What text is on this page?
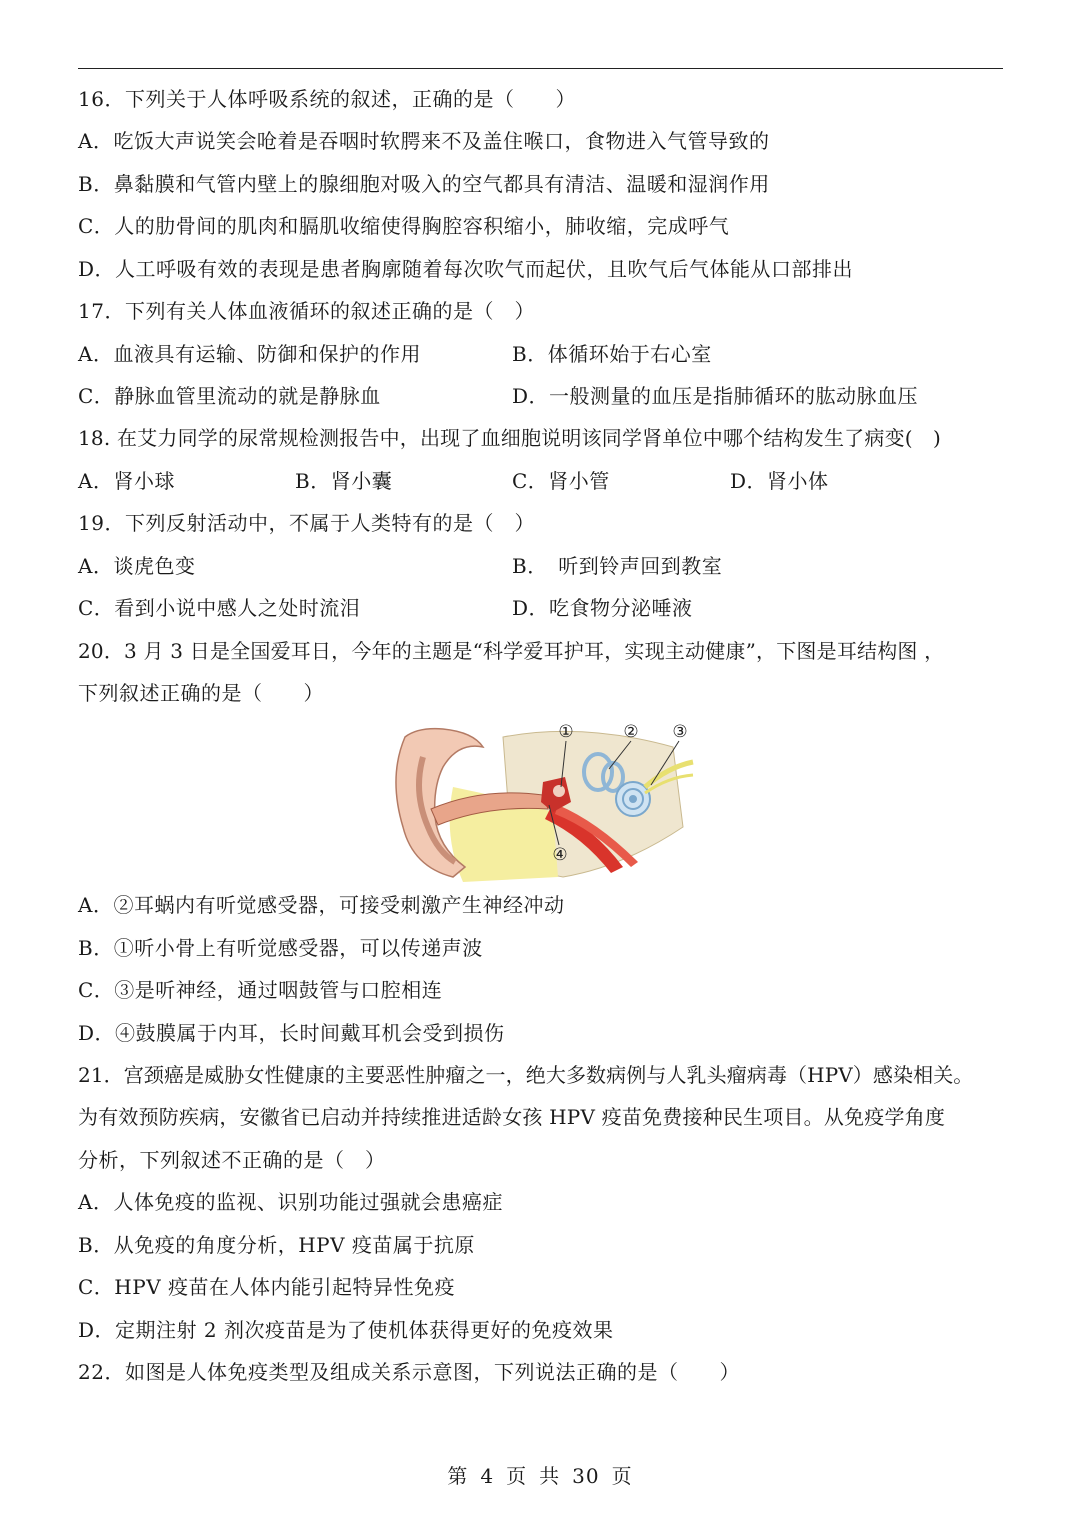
16．下列关于人体呼吸系统的叙述，正确的是（　　）
A．吃饭大声说笑会呛着是吞咽时软腭来不及盖住喉口，食物进入气管导致的
B．鼻黏膜和气管内壁上的腺细胞对吸入的空气都具有清洁、温暖和湿润作用
C．人的肋骨间的肌肉和膈肌收缩使得胸腔容积缩小，肺收缩，完成呼气
D．人工呼吸有效的表现是患者胸廓随着每次吹气而起伏，且吹气后气体能从口部排出
17．下列有关人体血液循环的叙述正确的是（　）
A．血液具有运输、防御和保护的作用	B．体循环始于右心室
C．静脉血管里流动的就是静脉血	D．一般测量的血压是指肺循环的肱动脉血压
18. 在艾力同学的尿常规检测报告中，出现了血细胞说明该同学肾单位中哪个结构发生了病变(　)
A．肾小球	B．肾小囊	C．肾小管	D．肾小体
19．下列反射活动中，不属于人类特有的是（　）
A．谈虎色变	B．　听到铃声回到教室
C．看到小说中感人之处时流泪	D．吃食物分泌唾液
20．3 月 3 日是全国爱耳日，今年的主题是“科学爱耳护耳，实现主动健康”，下图是耳结构图 ，
下列叙述正确的是（　　）
①	② ③
④
A．②耳蜗内有听觉感受器，可接受刺激产生神经冲动
B．①听小骨上有听觉感受器，可以传递声波
C．③是听神经，通过咽鼓管与口腔相连
D．④鼓膜属于内耳，长时间戴耳机会受到损伤
21．宫颈癌是威胁女性健康的主要恶性肿瘤之一，绝大多数病例与人乳头瘤病毒（HPV）感染相关。
为有效预防疾病，安徽省已启动并持续推进适龄女孩 HPV 疫苗免费接种民生项目。从免疫学角度
分析，下列叙述不正确的是（　）
A．人体免疫的监视、识别功能过强就会患癌症
B．从免疫的角度分析，HPV 疫苗属于抗原
C．HPV 疫苗在人体内能引起特异性免疫
D．定期注射 2 剂次疫苗是为了使机体获得更好的免疫效果
22．如图是人体免疫类型及组成关系示意图，下列说法正确的是（　　）
第 4 页 共 30 页
